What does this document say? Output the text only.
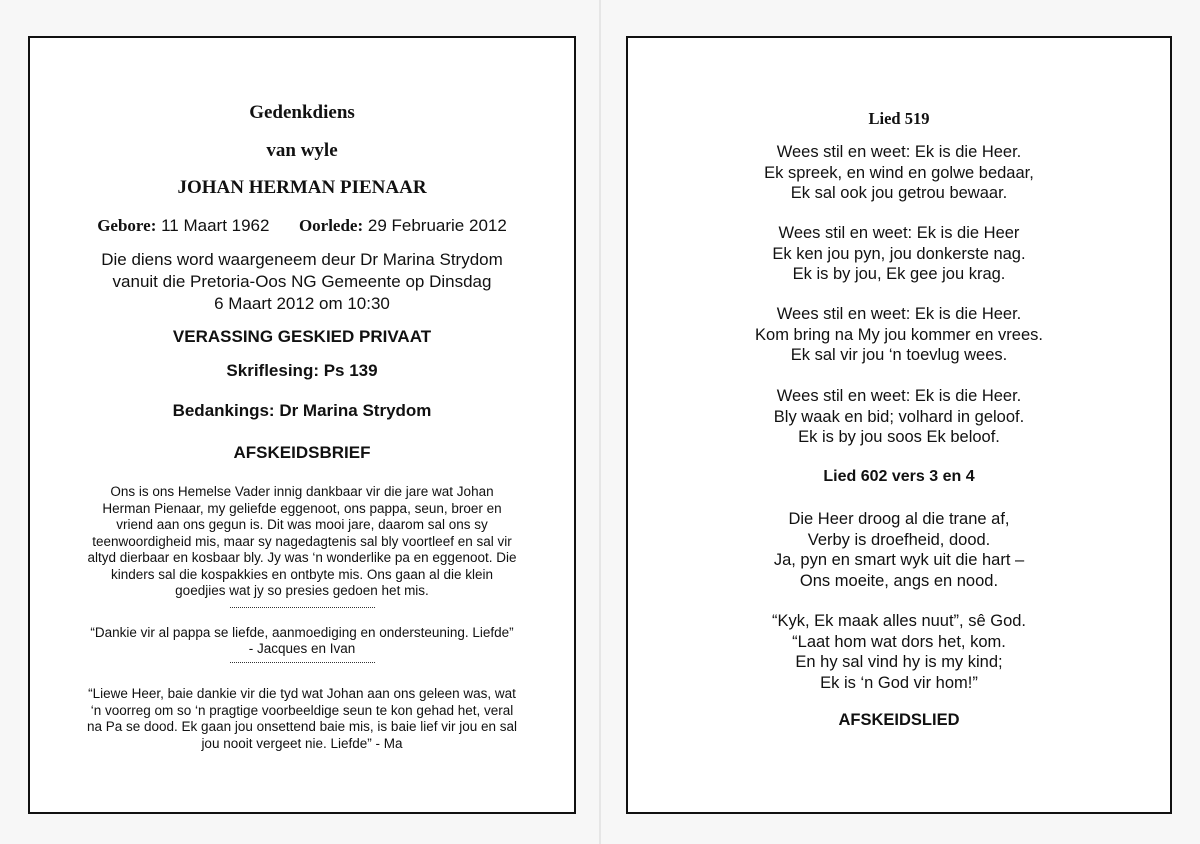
Gedenkdiens
van wyle
JOHAN HERMAN PIENAAR
Gebore: 11 Maart 1962 Oorlede: 29 Februarie 2012
Die diens word waargeneem deur Dr Marina Strydom
vanuit die Pretoria-Oos NG Gemeente op Dinsdag
6 Maart 2012 om 10:30
VERASSING GESKIED PRIVAAT
Skriflesing: Ps 139
Bedankings: Dr Marina Strydom
AFSKEIDSBRIEF
Ons is ons Hemelse Vader innig dankbaar vir die jare wat Johan
Herman Pienaar, my geliefde eggenoot, ons pappa, seun, broer en
vriend aan ons gegun is. Dit was mooi jare, daarom sal ons sy
teenwoordigheid mis, maar sy nagedagtenis sal bly voortleef en sal vir
altyd dierbaar en kosbaar bly. Jy was ‘n wonderlike pa en eggenoot. Die
kinders sal die kospakkies en ontbyte mis. Ons gaan al die klein
goedjies wat jy so presies gedoen het mis.
“Dankie vir al pappa se liefde, aanmoediging en ondersteuning. Liefde”
- Jacques en Ivan
“Liewe Heer, baie dankie vir die tyd wat Johan aan ons geleen was, wat
‘n voorreg om so ‘n pragtige voorbeeldige seun te kon gehad het, veral
na Pa se dood. Ek gaan jou onsettend baie mis, is baie lief vir jou en sal
jou nooit vergeet nie. Liefde” - Ma
Lied 519
Wees stil en weet: Ek is die Heer.
Ek spreek, en wind en golwe bedaar,
Ek sal ook jou getrou bewaar.
Wees stil en weet: Ek is die Heer
Ek ken jou pyn, jou donkerste nag.
Ek is by jou, Ek gee jou krag.
Wees stil en weet: Ek is die Heer.
Kom bring na My jou kommer en vrees.
Ek sal vir jou ‘n toevlug wees.
Wees stil en weet: Ek is die Heer.
Bly waak en bid; volhard in geloof.
Ek is by jou soos Ek beloof.
Lied 602 vers 3 en 4
Die Heer droog al die trane af,
Verby is droefheid, dood.
Ja, pyn en smart wyk uit die hart –
Ons moeite, angs en nood.
“Kyk, Ek maak alles nuut”, sê God.
“Laat hom wat dors het, kom.
En hy sal vind hy is my kind;
Ek is ‘n God vir hom!”
AFSKEIDSLIED
